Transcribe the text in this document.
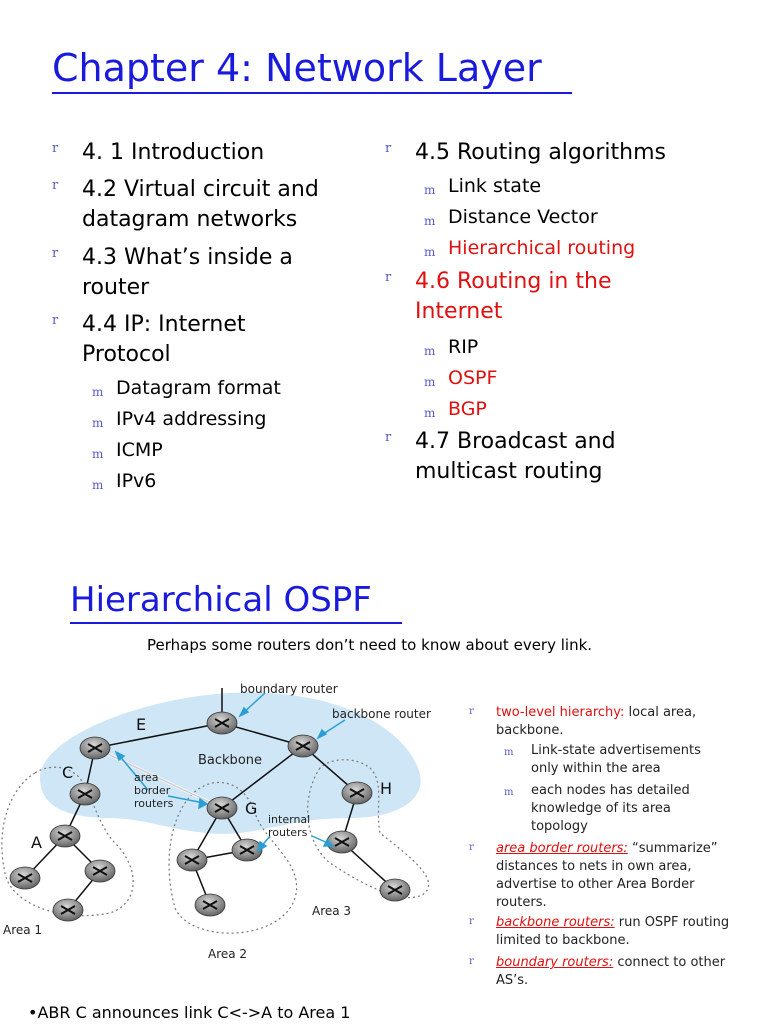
Chapter 4: Network Layer
r	4. 1 Introduction
r	4.2 Virtual circuit and datagram networks
r	4.3 What’s inside a router
r	4.4 IP: Internet Protocol
m Datagram format
m IPv4 addressing
m ICMP
m IPv6
r	4.5 Routing algorithms
m Link state
m Distance Vector
m Hierarchical routing
r	4.6 Routing in the Internet
m RIP
m OSPF
m BGP
r	4.7 Broadcast and multicast routing
Hierarchical OSPF
Perhaps some routers don’t need to know about every link.
boundary router
backbone router
Backbone
area
border
routers
internal
routers
Area 1
Area 2
Area 3
E
C
A
G
H
r	two-level hierarchy: local area, backbone.
m	Link-state advertisements only within the area
m	each nodes has detailed knowledge of its area topology
r	area border routers: “summarize” distances to nets in own area, advertise to other Area Border routers.
r	backbone routers: run OSPF routing limited to backbone.
r	boundary routers: connect to other AS’s.
•ABR C announces link C<->A to Area 1
